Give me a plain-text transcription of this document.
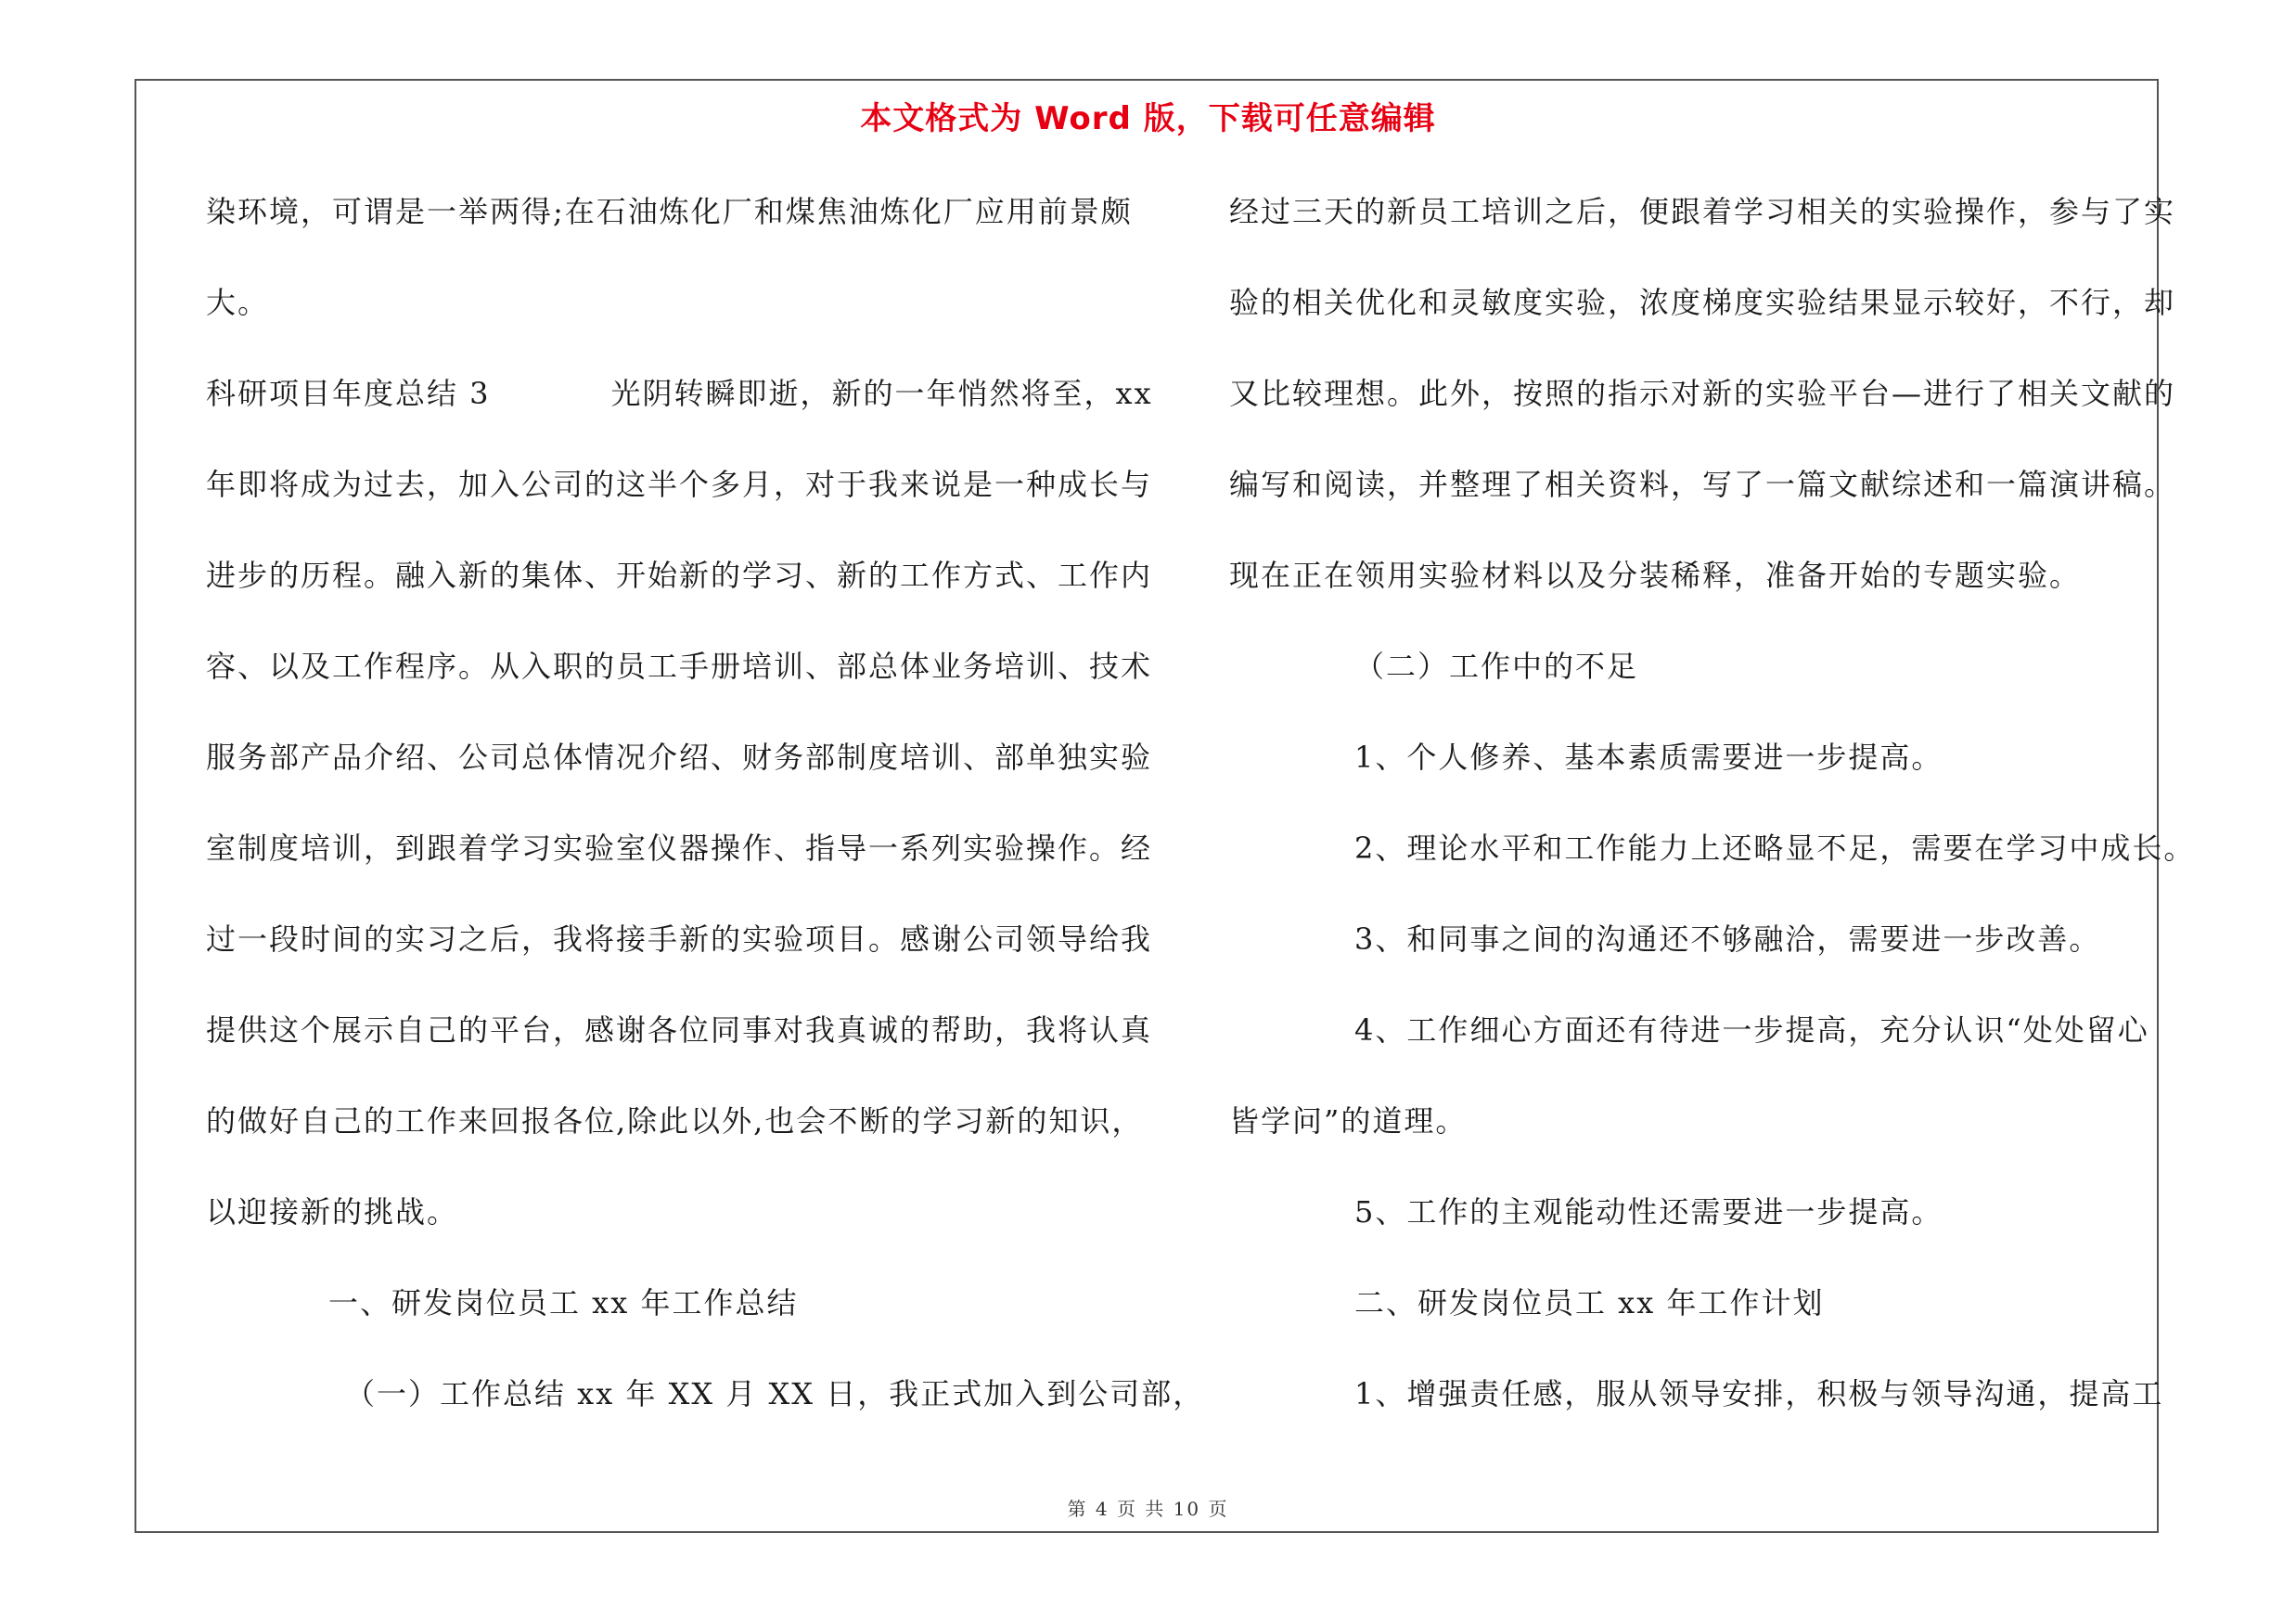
本文格式为 Word 版，下载可任意编辑
染环境，可谓是一举两得;在石油炼化厂和煤焦油炼化厂应用前景颇
大。
科研项目年度总结 3	光阴转瞬即逝，新的一年悄然将至，xx
年即将成为过去，加入公司的这半个多月，对于我来说是一种成长与
进步的历程。融入新的集体、开始新的学习、新的工作方式、工作内
容、以及工作程序。从入职的员工手册培训、部总体业务培训、技术
服务部产品介绍、公司总体情况介绍、财务部制度培训、部单独实验
室制度培训，到跟着学习实验室仪器操作、指导一系列实验操作。经
过一段时间的实习之后，我将接手新的实验项目。感谢公司领导给我
提供这个展示自己的平台，感谢各位同事对我真诚的帮助，我将认真
的做好自己的工作来回报各位,除此以外,也会不断的学习新的知识，
以迎接新的挑战。
一、研发岗位员工 xx 年工作总结
（一）工作总结 xx 年 XX 月 XX 日，我正式加入到公司部，
经过三天的新员工培训之后，便跟着学习相关的实验操作，参与了实
验的相关优化和灵敏度实验，浓度梯度实验结果显示较好，不行，却
又比较理想。此外，按照的指示对新的实验平台—进行了相关文献的
编写和阅读，并整理了相关资料，写了一篇文献综述和一篇演讲稿。
现在正在领用实验材料以及分装稀释，准备开始的专题实验。
（二）工作中的不足
1、个人修养、基本素质需要进一步提高。
2、理论水平和工作能力上还略显不足，需要在学习中成长。
3、和同事之间的沟通还不够融洽，需要进一步改善。
4、工作细心方面还有待进一步提高，充分认识“处处留心
皆学问”的道理。
5、工作的主观能动性还需要进一步提高。
二、研发岗位员工 xx 年工作计划
1、增强责任感，服从领导安排，积极与领导沟通，提高工
第 4 页 共 10 页
